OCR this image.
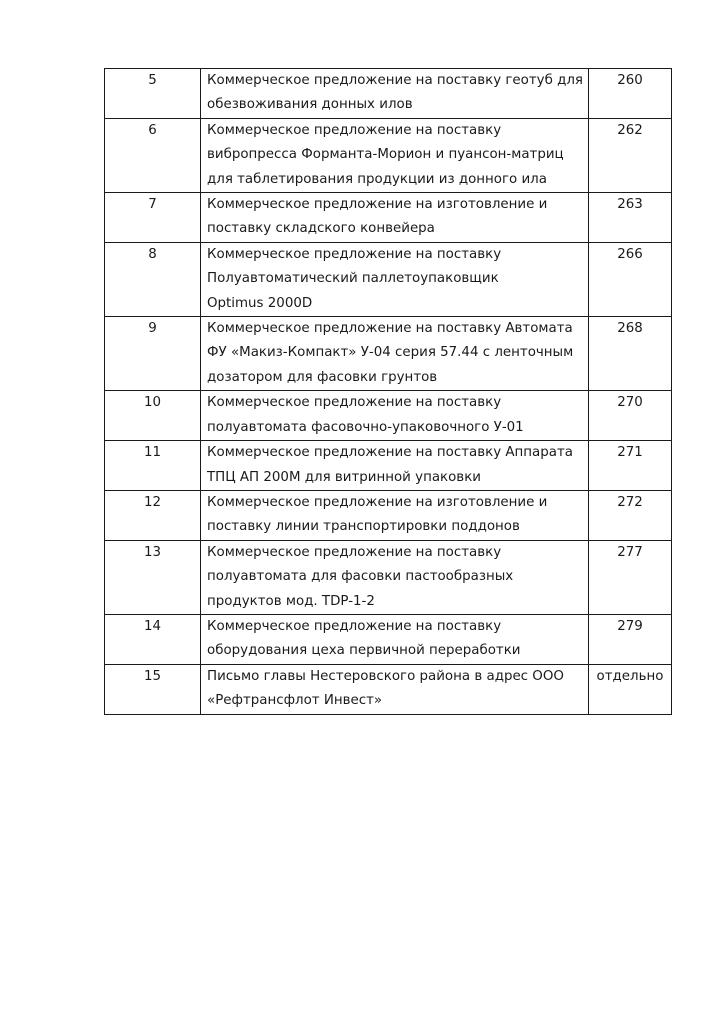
5	Коммерческое предложение на поставку геотуб для
обезвоживания донных илов	260
6	Коммерческое предложение на поставку
вибропресса Форманта-Морион и пуансон-матриц
для таблетирования продукции из донного ила	262
7	Коммерческое предложение на изготовление и
поставку складского конвейера	263
8	Коммерческое предложение на поставку
Полуавтоматический паллетоупаковщик
Optimus 2000D	266
9	Коммерческое предложение на поставку Автомата
ФУ «Макиз-Компакт» У-04 серия 57.44 с ленточным
дозатором для фасовки грунтов	268
10	Коммерческое предложение на поставку
полуавтомата фасовочно-упаковочного У-01	270
11	Коммерческое предложение на поставку Аппарата
ТПЦ АП 200М для витринной упаковки	271
12	Коммерческое предложение на изготовление и
поставку линии транспортировки поддонов	272
13	Коммерческое предложение на поставку
полуавтомата для фасовки пастообразных
продуктов мод. TDP-1-2	277
14	Коммерческое предложение на поставку
оборудования цеха первичной переработки	279
15	Письмо главы Нестеровского района в адрес ООО
«Рефтрансфлот Инвест»	отдельно
